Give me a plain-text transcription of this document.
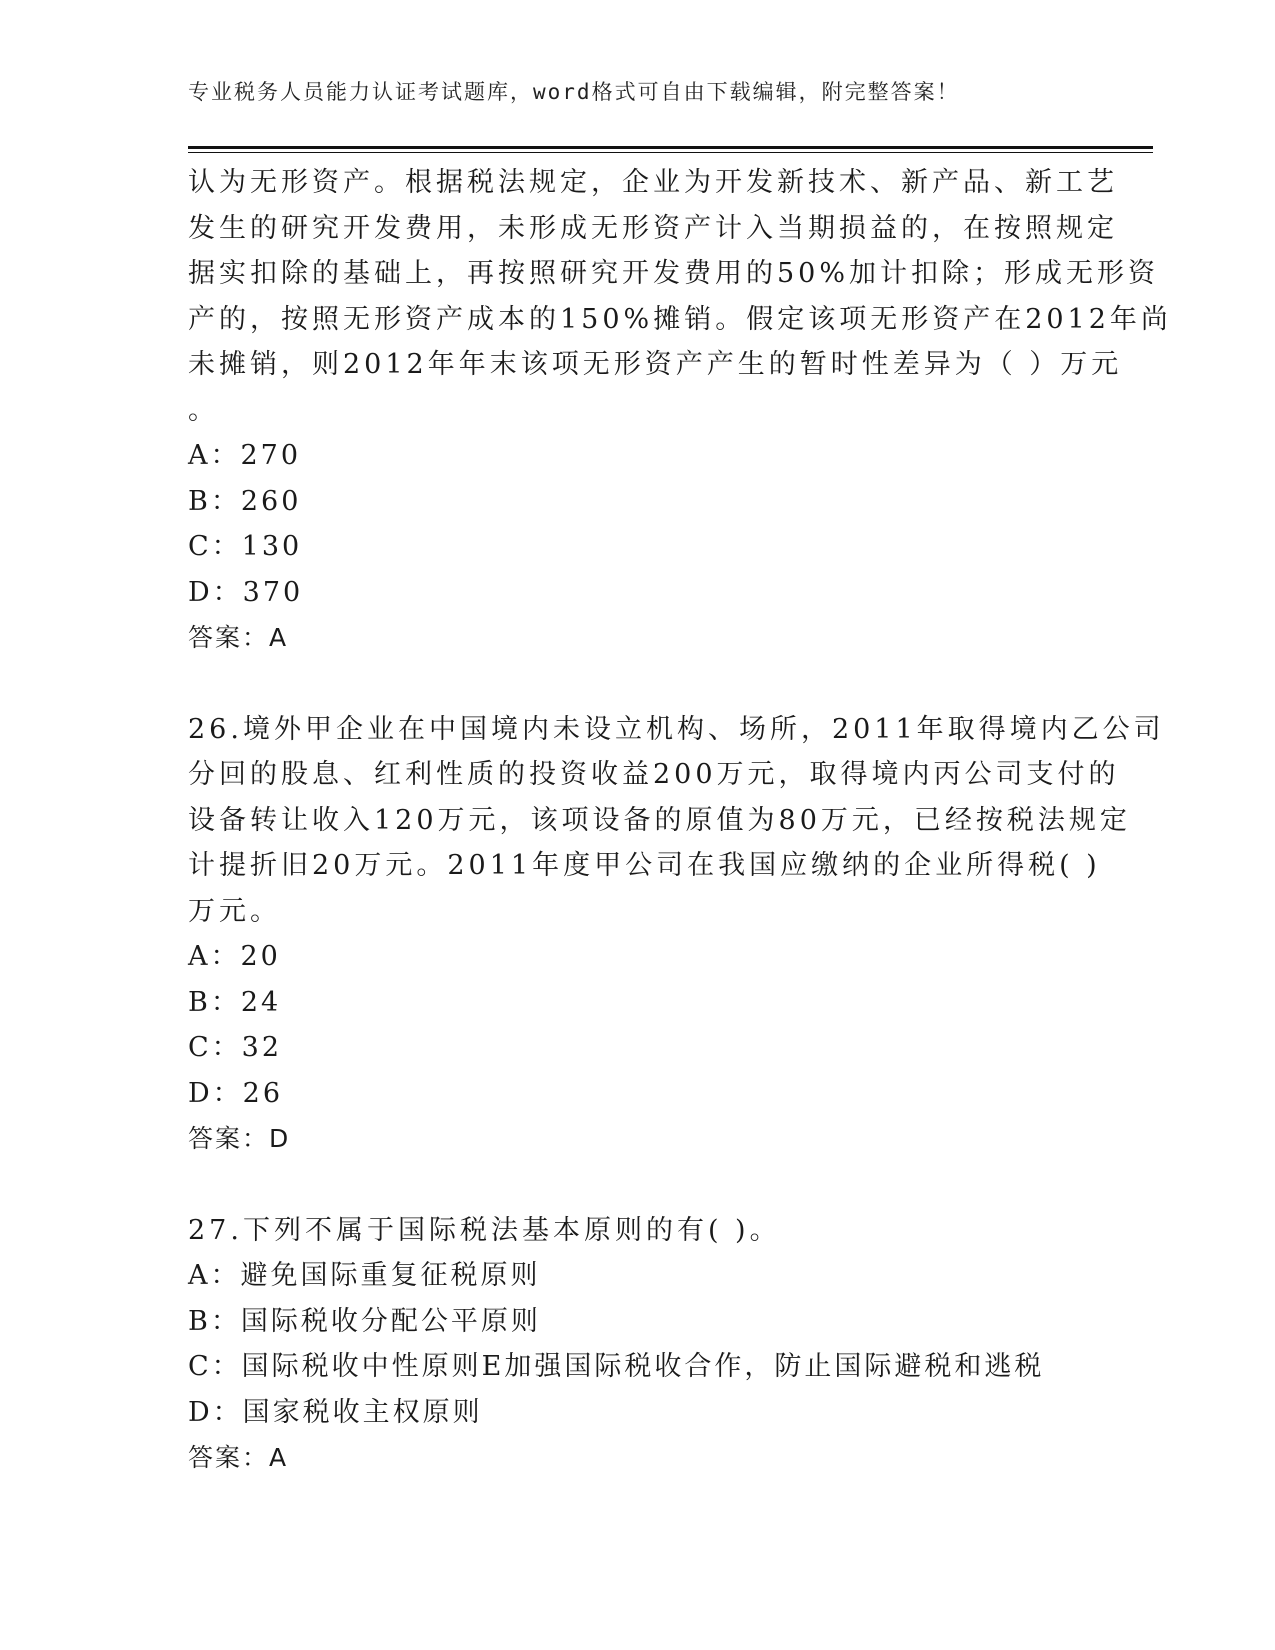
专业税务人员能力认证考试题库，word格式可自由下载编辑，附完整答案！
认为无形资产。根据税法规定，企业为开发新技术、新产品、新工艺
发生的研究开发费用，未形成无形资产计入当期损益的，在按照规定
据实扣除的基础上，再按照研究开发费用的50%加计扣除；形成无形资
产的，按照无形资产成本的150%摊销。假定该项无形资产在2012年尚
未摊销，则2012年年末该项无形资产产生的暂时性差异为（ ）万元
。
A：270
B：260
C：130
D：370
答案：A
26.境外甲企业在中国境内未设立机构、场所，2011年取得境内乙公司
分回的股息、红利性质的投资收益200万元，取得境内丙公司支付的
设备转让收入120万元，该项设备的原值为80万元，已经按税法规定
计提折旧20万元。2011年度甲公司在我国应缴纳的企业所得税( )
万元。
A：20
B：24
C：32
D：26
答案：D
27.下列不属于国际税法基本原则的有( )。
A：避免国际重复征税原则
B：国际税收分配公平原则
C：国际税收中性原则E加强国际税收合作，防止国际避税和逃税
D：国家税收主权原则
答案：A
